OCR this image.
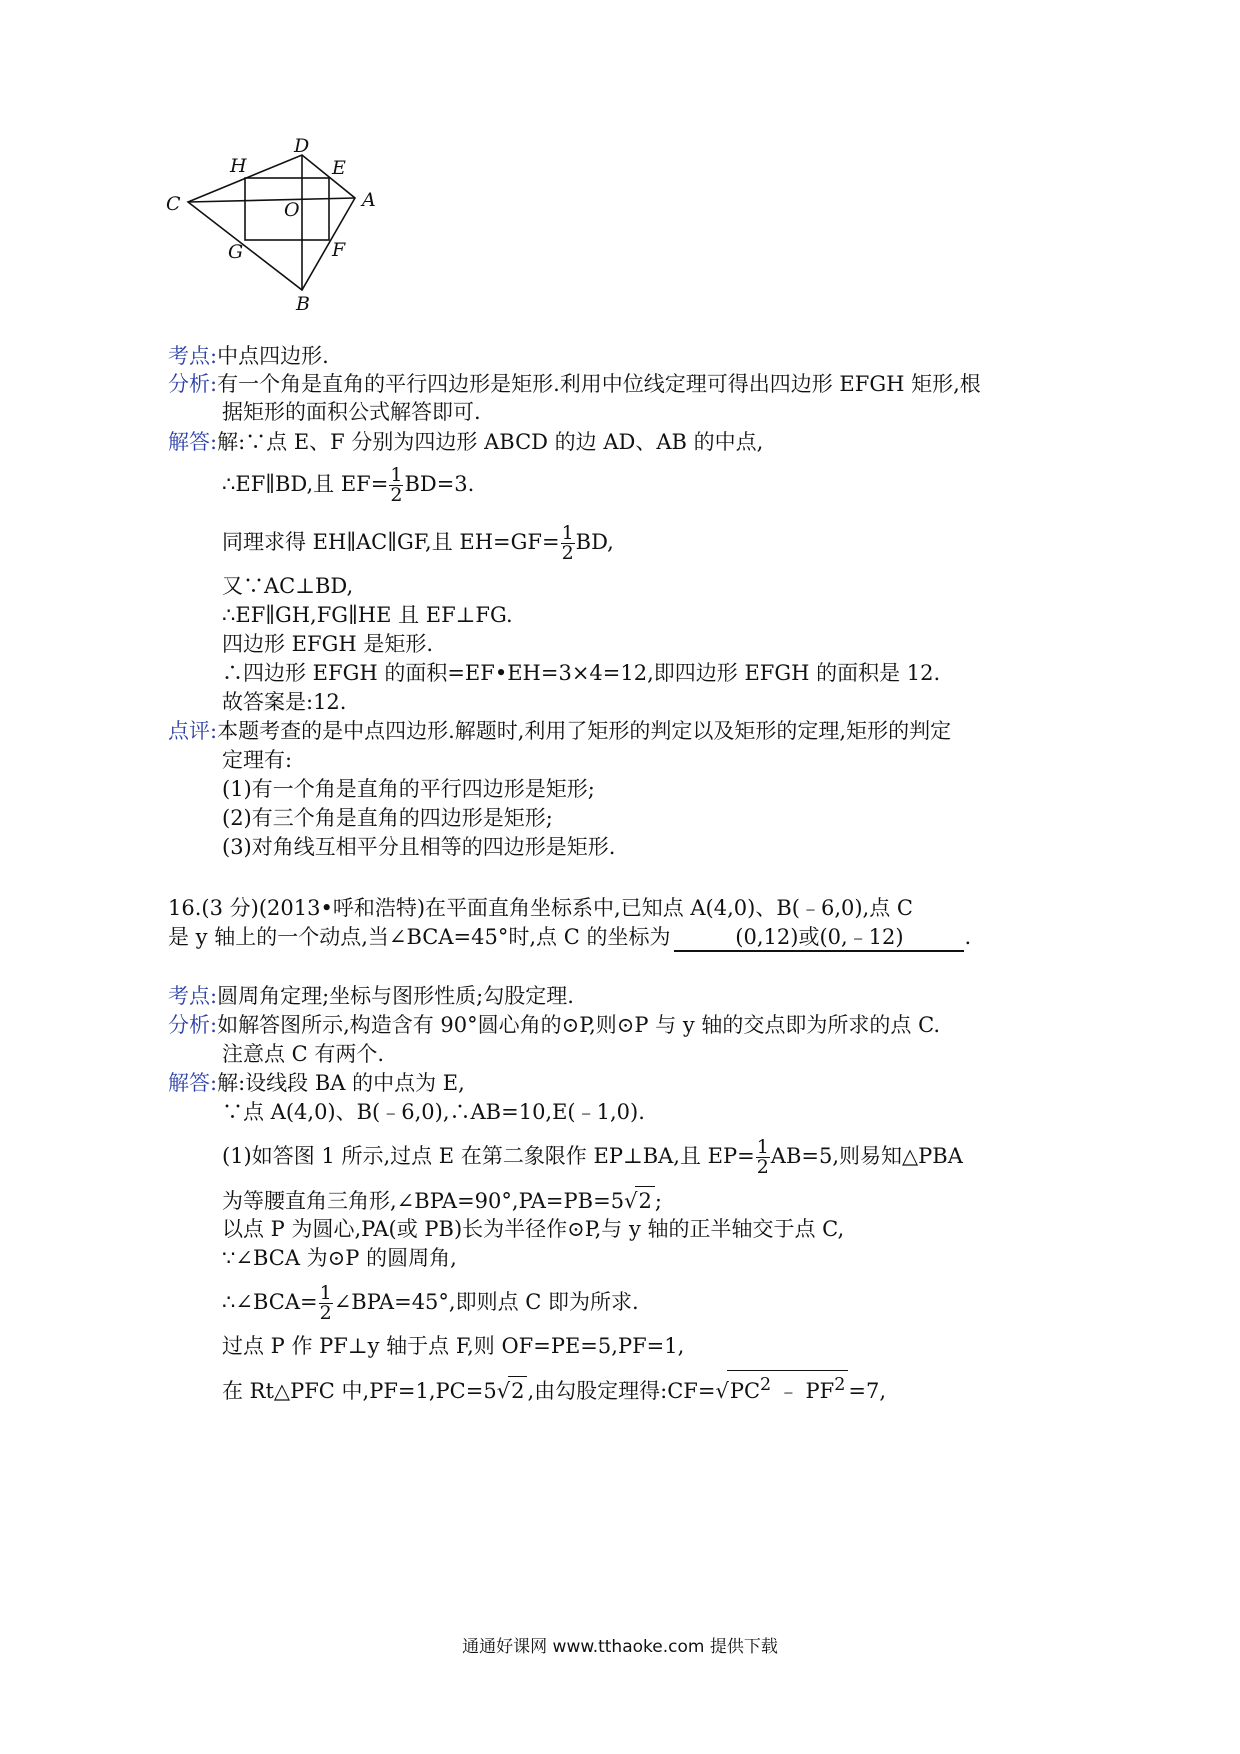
D
H	E
C	O	A
G	F
B
考点:中点四边形.
分析:有一个角是直角的平行四边形是矩形.利用中位线定理可得出四边形 EFGH 矩形,根
据矩形的面积公式解答即可.
解答:解:∵点 E、F 分别为四边形 ABCD 的边 AD、AB 的中点,
∴EF∥BD,且 $EF= \frac{1}{2} BD=3$.
同理求得 EH∥AC∥GF,且 $EH=GF= \frac{1}{2}$ BD,
又∵AC⊥BD,
∴EF∥GH,FG∥HE 且 EF⊥FG.
四边形 EFGH 是矩形.
∴四边形 EFGH 的面积=EF•EH=3×4=12,即四边形 EFGH 的面积是 12.
故答案是:12.
点评:本题考查的是中点四边形.解题时,利用了矩形的判定以及矩形的定理,矩形的判定
定理有:
(1)有一个角是直角的平行四边形是矩形;
(2)有三个角是直角的四边形是矩形;
(3)对角线互相平分且相等的四边形是矩形.
16.(3 分)(2013•呼和浩特)在平面直角坐标系中,已知点 A(4,0)、B(﹣6,0),点 C
是 y 轴上的一个动点,当∠BCA=45°时,点 C 的坐标为	(0,12)或(0,﹣12)	.
考点:圆周角定理;坐标与图形性质;勾股定理.
分析:如解答图所示,构造含有 90°圆心角的⊙P,则⊙P 与 y 轴的交点即为所求的点 C.
注意点 C 有两个.
解答:解:设线段 BA 的中点为 E,
∵点 A(4,0)、B(﹣6,0),∴AB=10,E(﹣1,0).
(1)如答图 1 所示,过点 E 在第二象限作 EP⊥BA,且 $EP= \frac{1}{2} AB=5$,则易知△PBA
为等腰直角三角形,∠BPA=90°,PA=PB=5√2 ;
以点 P 为圆心,PA(或 PB)长为半径作⊙P,与 y 轴的正半轴交于点 C,
∵∠BCA 为⊙P 的圆周角,
∴∠BCA= $\frac{1}{2}$ ∠BPA=45°,即则点 C 即为所求.
过点 P 作 PF⊥y 轴于点 F,则 OF=PE=5,PF=1,
在 Rt△PFC 中,PF=1,PC=5√2 ,由勾股定理得$:CF=√PC^2$ ﹣ $PF^2 =7$,
通通好课网 www.tthaoke.com 提供下载
